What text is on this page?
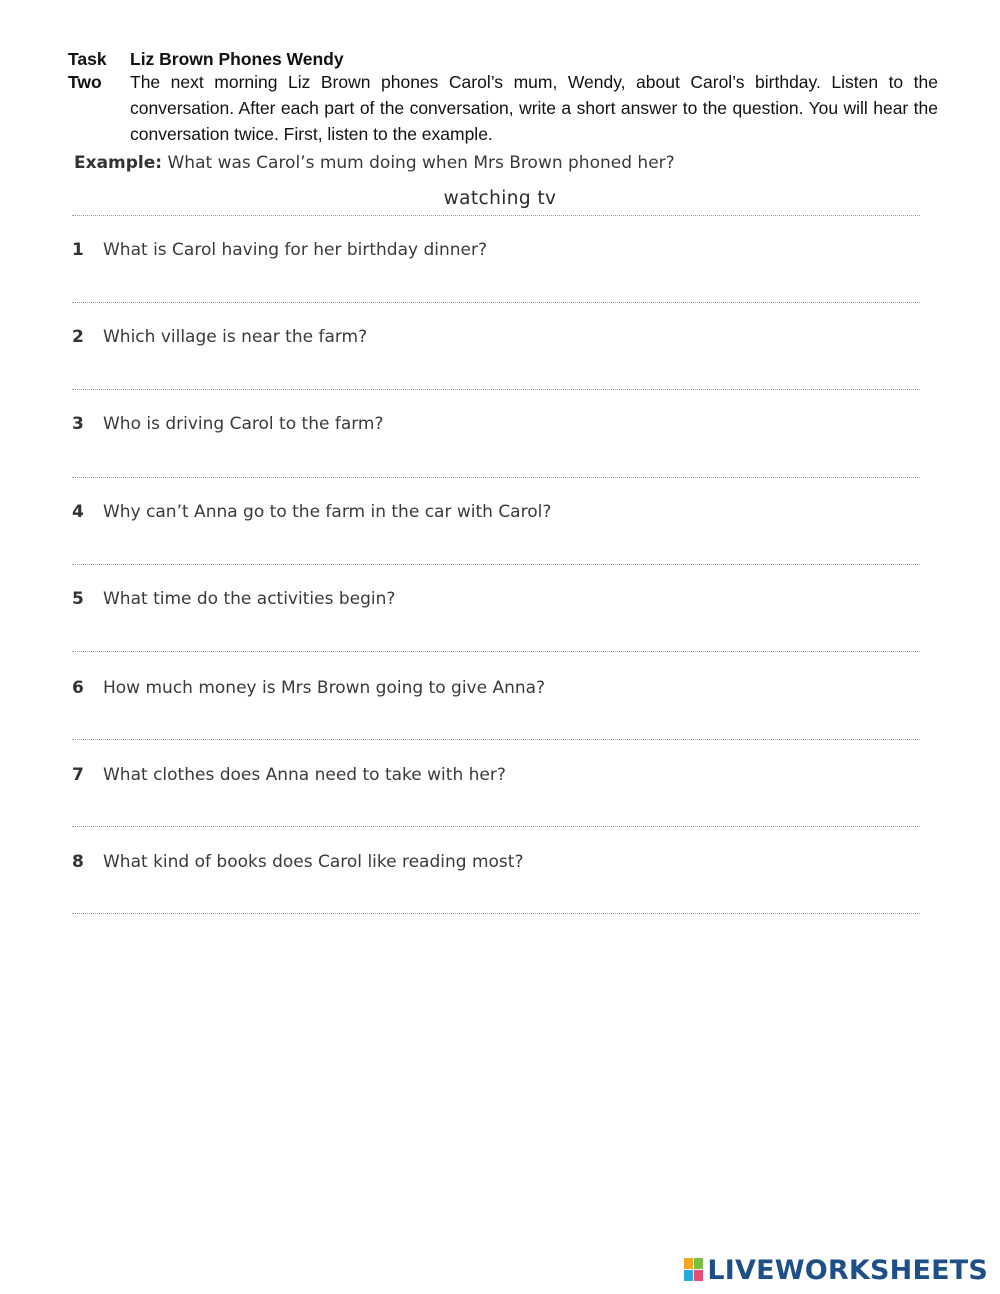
Task
Two
Liz Brown Phones Wendy
The next morning Liz Brown phones Carol’s mum, Wendy, about Carol’s birthday. Listen to the conversation. After each part of the conversation, write a short answer to the question. You will hear the conversation twice. First, listen to the example.
Example: What was Carol’s mum doing when Mrs Brown phoned her?
watching tv
1 What is Carol having for her birthday dinner?
2 Which village is near the farm?
3 Who is driving Carol to the farm?
4 Why can’t Anna go to the farm in the car with Carol?
5 What time do the activities begin?
6 How much money is Mrs Brown going to give Anna?
7 What clothes does Anna need to take with her?
8 What kind of books does Carol like reading most?
LIVEWORKSHEETS
